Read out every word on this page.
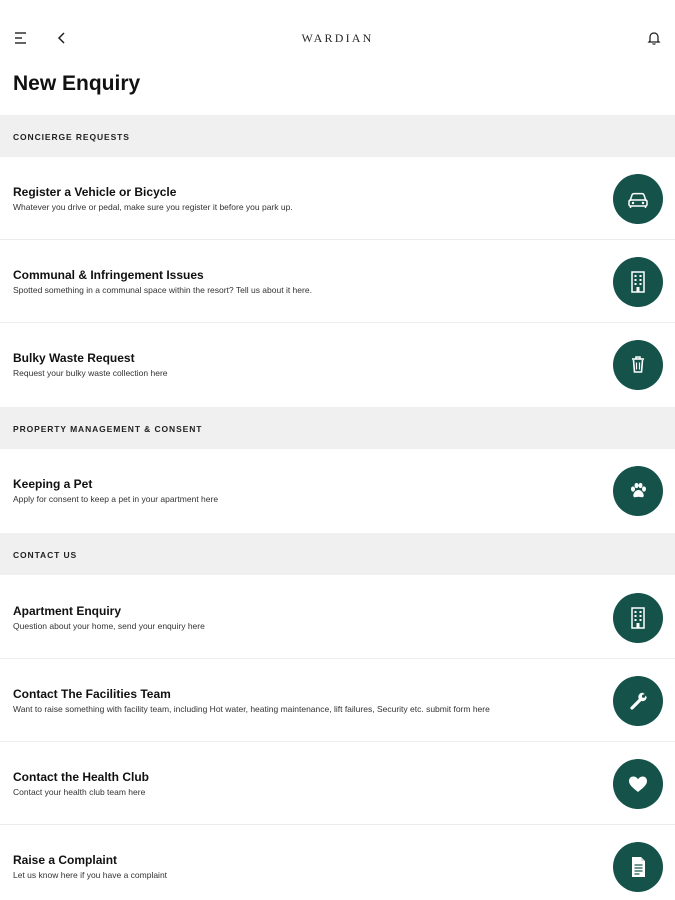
WARDIAN
New Enquiry
CONCIERGE REQUESTS
Register a Vehicle or Bicycle
Whatever you drive or pedal, make sure you register it before you park up.
Communal & Infringement Issues
Spotted something in a communal space within the resort? Tell us about it here.
Bulky Waste Request
Request your bulky waste collection here
PROPERTY MANAGEMENT & CONSENT
Keeping a Pet
Apply for consent to keep a pet in your apartment here
CONTACT US
Apartment Enquiry
Question about your home, send your enquiry here
Contact The Facilities Team
Want to raise something with facility team, including Hot water, heating maintenance, lift failures, Security etc. submit form here
Contact the Health Club
Contact your health club team here
Raise a Complaint
Let us know here if you have a complaint
